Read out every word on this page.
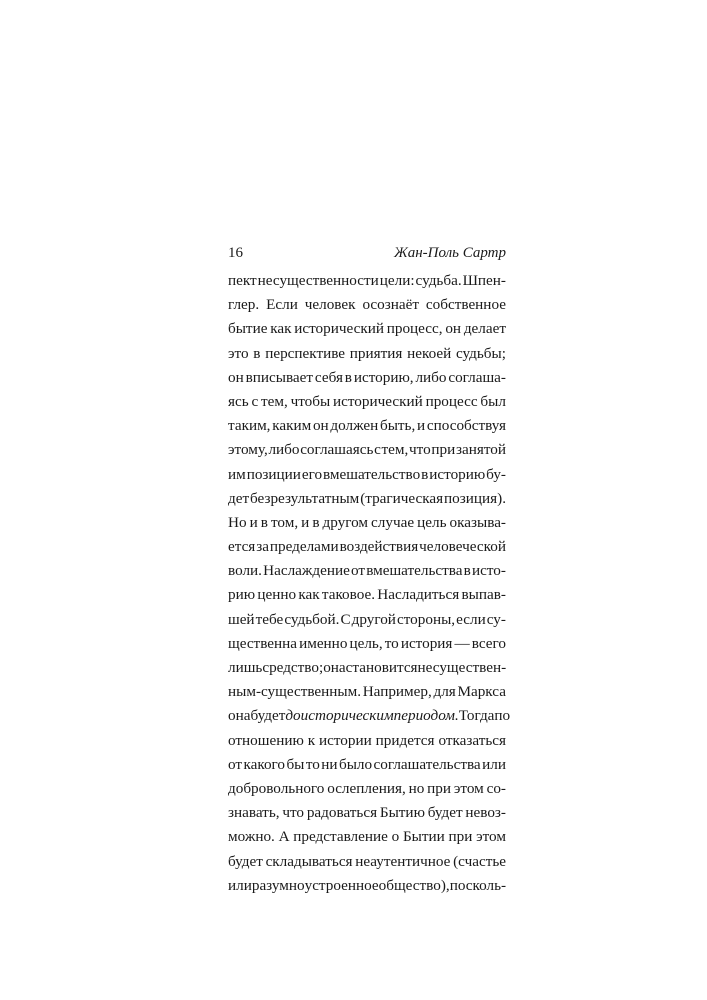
16	Жан-Поль Сартр
пект несущественности цели: судьба. Шпен-
глер. Если человек осознаёт собственное
бытие как исторический процесс, он делает
это в перспективе приятия некоей судьбы;
он вписывает себя в историю, либо соглаша-
ясь с тем, чтобы исторический процесс был
таким, каким он должен быть, и способствуя
этому, либо соглашаясь с тем, что при занятой
им позиции его вмешательство в историю бу-
дет безрезультатным (трагическая позиция).
Но и в том, и в другом случае цель оказыва-
ется за пределами воздействия человеческой
воли. Наслаждение от вмешательства в исто-
рию ценно как таковое. Насладиться выпав-
шей тебе судьбой. С другой стороны, если су-
щественна именно цель, то история — всего
лишь средство; она становится несуществен-
ным-существенным. Например, для Маркса
она будет доисторическим периодом. Тогда по
отношению к истории придется отказаться
от какого бы то ни было соглашательства или
добровольного ослепления, но при этом со-
знавать, что радоваться Бытию будет невоз-
можно. А представление о Бытии при этом
будет складываться неаутентичное (счастье
или разумно устроенное общество), посколь-
